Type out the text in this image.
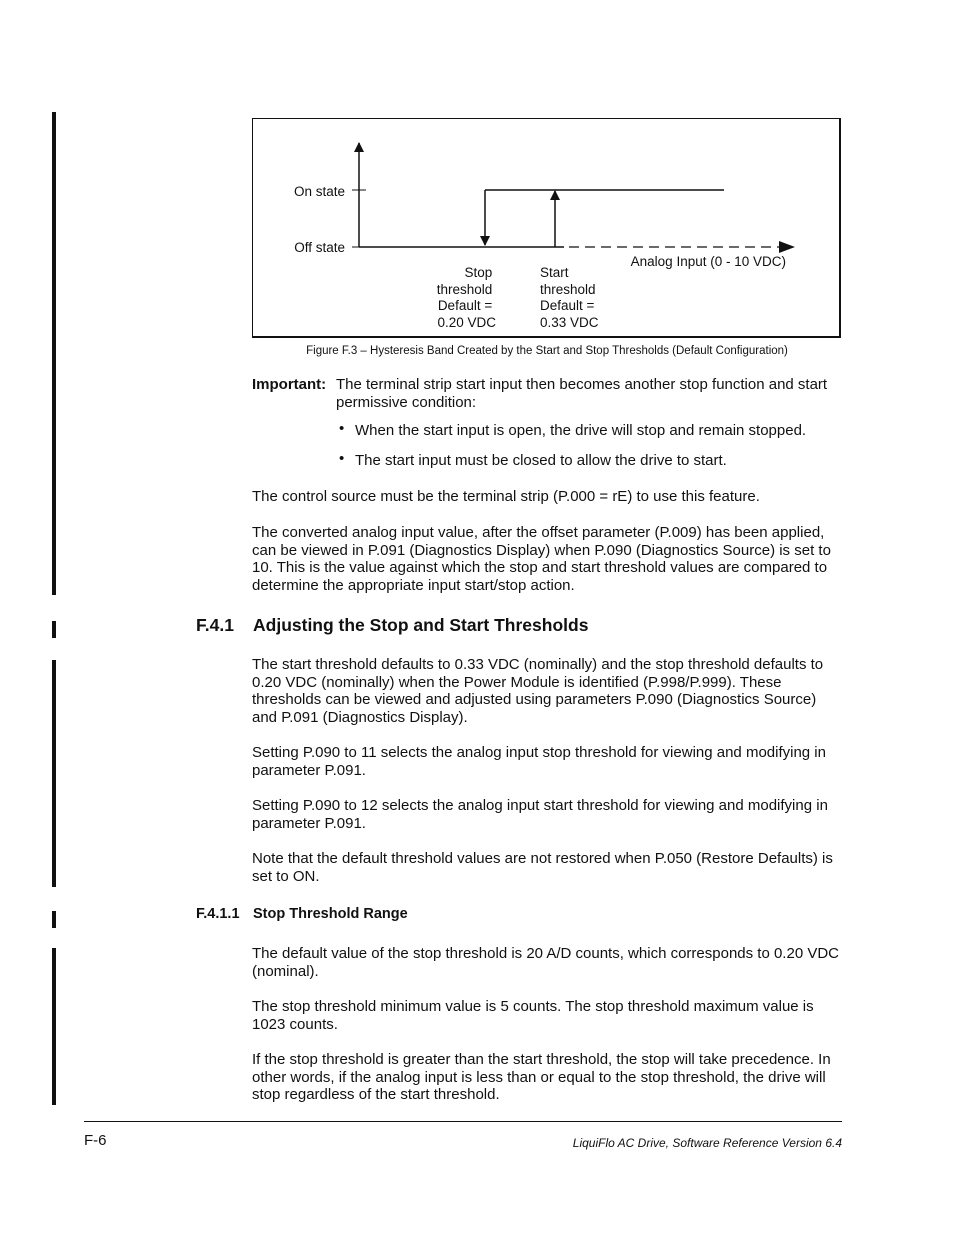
On state
Off state
Analog Input (0 - 10 VDC)
Stop threshold Default = 0.20 VDC
Start threshold Default = 0.33 VDC
Figure F.3 – Hysteresis Band Created by the Start and Stop Thresholds (Default Configuration)
Important: The terminal strip start input then becomes another stop function and start permissive condition:
• When the start input is open, the drive will stop and remain stopped.
• The start input must be closed to allow the drive to start.
The control source must be the terminal strip (P.000 = rE) to use this feature.
The converted analog input value, after the offset parameter (P.009) has been applied, can be viewed in P.091 (Diagnostics Display) when P.090 (Diagnostics Source) is set to 10. This is the value against which the stop and start threshold values are compared to determine the appropriate input start/stop action.
F.4.1 Adjusting the Stop and Start Thresholds
The start threshold defaults to 0.33 VDC (nominally) and the stop threshold defaults to 0.20 VDC (nominally) when the Power Module is identified (P.998/P.999). These thresholds can be viewed and adjusted using parameters P.090 (Diagnostics Source) and P.091 (Diagnostics Display).
Setting P.090 to 11 selects the analog input stop threshold for viewing and modifying in parameter P.091.
Setting P.090 to 12 selects the analog input start threshold for viewing and modifying in parameter P.091.
Note that the default threshold values are not restored when P.050 (Restore Defaults) is set to ON.
F.4.1.1 Stop Threshold Range
The default value of the stop threshold is 20 A/D counts, which corresponds to 0.20 VDC (nominal).
The stop threshold minimum value is 5 counts. The stop threshold maximum value is 1023 counts.
If the stop threshold is greater than the start threshold, the stop will take precedence. In other words, if the analog input is less than or equal to the stop threshold, the drive will stop regardless of the start threshold.
F-6	LiquiFlo AC Drive, Software Reference Version 6.4
